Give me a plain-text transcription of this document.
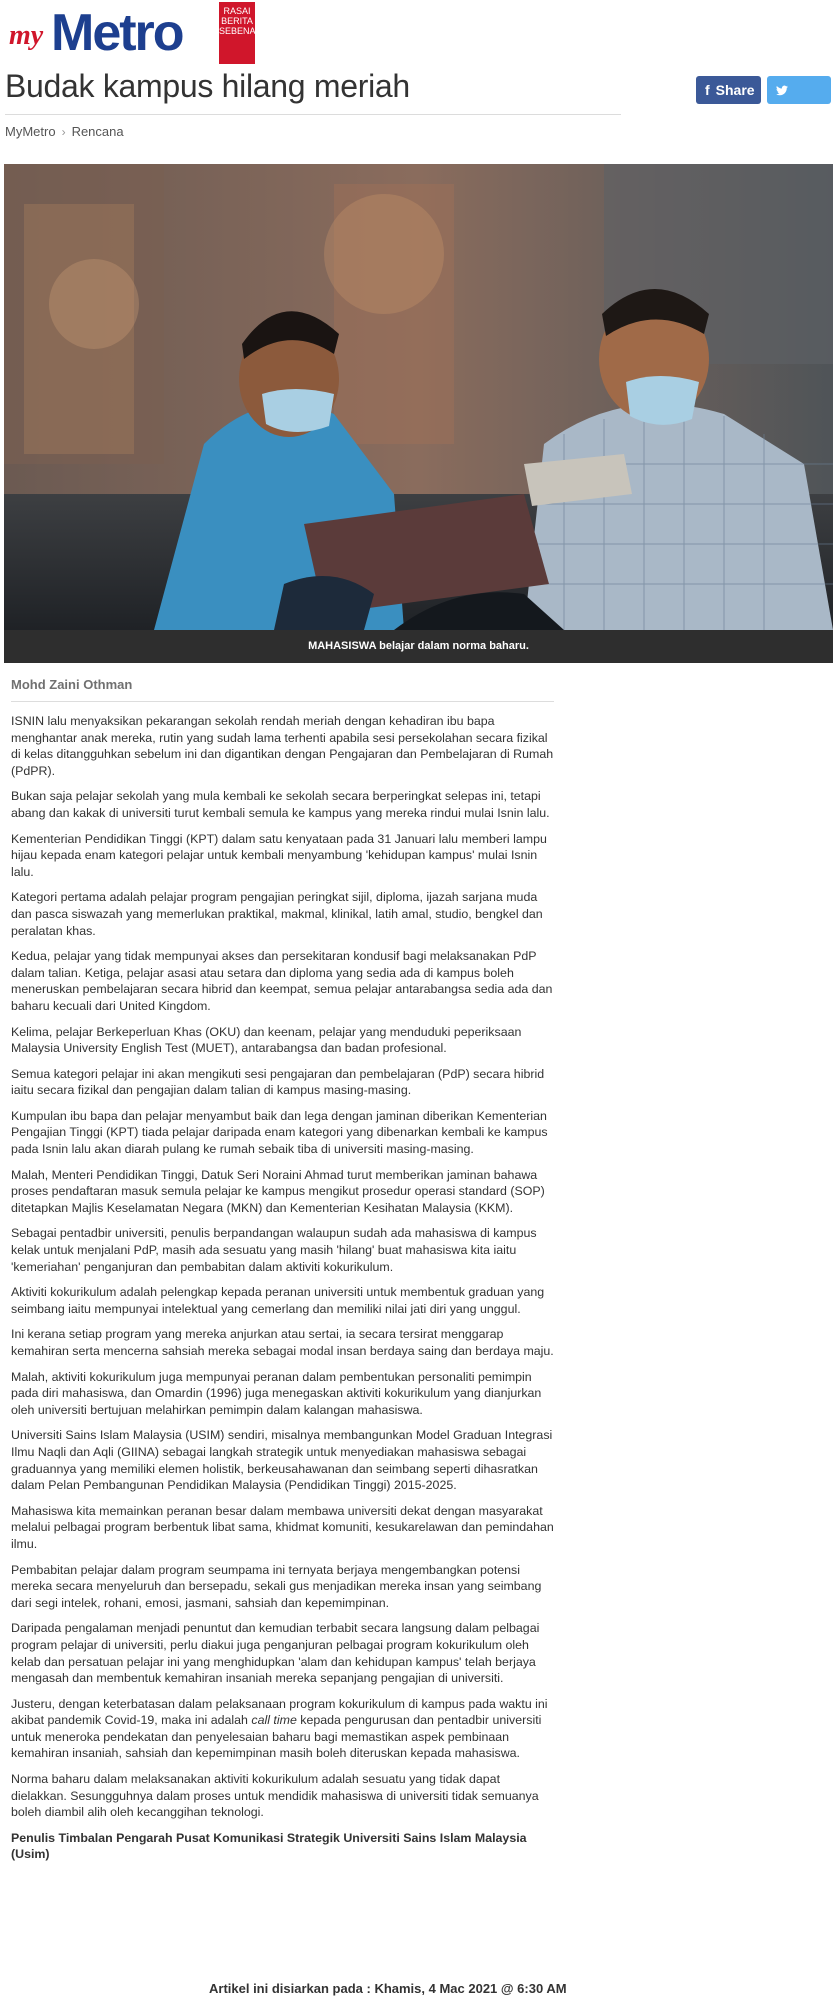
my Metro	RASAI
BERITA
SEBENAR
Budak kampus hilang meriah	f Share
Tweet
MyMetro › Rencana
MAHASISWA belajar dalam norma baharu.
Mohd Zaini Othman

ISNIN lalu menyaksikan pekarangan sekolah rendah meriah dengan kehadiran ibu bapa menghantar anak mereka, rutin yang sudah lama terhenti apabila sesi persekolahan secara fizikal di kelas ditangguhkan sebelum ini dan digantikan dengan Pengajaran dan Pembelajaran di Rumah (PdPR).

Bukan saja pelajar sekolah yang mula kembali ke sekolah secara berperingkat selepas ini, tetapi abang dan kakak di universiti turut kembali semula ke kampus yang mereka rindui mulai Isnin lalu.

Kementerian Pendidikan Tinggi (KPT) dalam satu kenyataan pada 31 Januari lalu memberi lampu hijau kepada enam kategori pelajar untuk kembali menyambung 'kehidupan kampus' mulai Isnin lalu.

Kategori pertama adalah pelajar program pengajian peringkat sijil, diploma, ijazah sarjana muda dan pasca siswazah yang memerlukan praktikal, makmal, klinikal, latih amal, studio, bengkel dan peralatan khas.

Kedua, pelajar yang tidak mempunyai akses dan persekitaran kondusif bagi melaksanakan PdP dalam talian. Ketiga, pelajar asasi atau setara dan diploma yang sedia ada di kampus boleh meneruskan pembelajaran secara hibrid dan keempat, semua pelajar antarabangsa sedia ada dan baharu kecuali dari United Kingdom.

Kelima, pelajar Berkeperluan Khas (OKU) dan keenam, pelajar yang menduduki peperiksaan Malaysia University English Test (MUET), antarabangsa dan badan profesional.

Semua kategori pelajar ini akan mengikuti sesi pengajaran dan pembelajaran (PdP) secara hibrid iaitu secara fizikal dan pengajian dalam talian di kampus masing-masing.

Kumpulan ibu bapa dan pelajar menyambut baik dan lega dengan jaminan diberikan Kementerian Pengajian Tinggi (KPT) tiada pelajar daripada enam kategori yang dibenarkan kembali ke kampus pada Isnin lalu akan diarah pulang ke rumah sebaik tiba di universiti masing-masing.

Malah, Menteri Pendidikan Tinggi, Datuk Seri Noraini Ahmad turut memberikan jaminan bahawa proses pendaftaran masuk semula pelajar ke kampus mengikut prosedur operasi standard (SOP) ditetapkan Majlis Keselamatan Negara (MKN) dan Kementerian Kesihatan Malaysia (KKM).

Sebagai pentadbir universiti, penulis berpandangan walaupun sudah ada mahasiswa di kampus kelak untuk menjalani PdP, masih ada sesuatu yang masih 'hilang' buat mahasiswa kita iaitu 'kemeriahan' penganjuran dan pembabitan dalam aktiviti kokurikulum.

Aktiviti kokurikulum adalah pelengkap kepada peranan universiti untuk membentuk graduan yang seimbang iaitu mempunyai intelektual yang cemerlang dan memiliki nilai jati diri yang unggul.

Ini kerana setiap program yang mereka anjurkan atau sertai, ia secara tersirat menggarap kemahiran serta mencerna sahsiah mereka sebagai modal insan berdaya saing dan berdaya maju.

Malah, aktiviti kokurikulum juga mempunyai peranan dalam pembentukan personaliti pemimpin pada diri mahasiswa, dan Omardin (1996) juga menegaskan aktiviti kokurikulum yang dianjurkan oleh universiti bertujuan melahirkan pemimpin dalam kalangan mahasiswa.

Universiti Sains Islam Malaysia (USIM) sendiri, misalnya membangunkan Model Graduan Integrasi Ilmu Naqli dan Aqli (GIINA) sebagai langkah strategik untuk menyediakan mahasiswa sebagai graduannya yang memiliki elemen holistik, berkeusahawanan dan seimbang seperti dihasratkan dalam Pelan Pembangunan Pendidikan Malaysia (Pendidikan Tinggi) 2015-2025.

Mahasiswa kita memainkan peranan besar dalam membawa universiti dekat dengan masyarakat melalui pelbagai program berbentuk libat sama, khidmat komuniti, kesukarelawan dan pemindahan ilmu.

Pembabitan pelajar dalam program seumpama ini ternyata berjaya mengembangkan potensi mereka secara menyeluruh dan bersepadu, sekali gus menjadikan mereka insan yang seimbang dari segi intelek, rohani, emosi, jasmani, sahsiah dan kepemimpinan.

Daripada pengalaman menjadi penuntut dan kemudian terbabit secara langsung dalam pelbagai program pelajar di universiti, perlu diakui juga penganjuran pelbagai program kokurikulum oleh kelab dan persatuan pelajar ini yang menghidupkan 'alam dan kehidupan kampus' telah berjaya mengasah dan membentuk kemahiran insaniah mereka sepanjang pengajian di universiti.

Justeru, dengan keterbatasan dalam pelaksanaan program kokurikulum di kampus pada waktu ini akibat pandemik Covid-19, maka ini adalah call time kepada pengurusan dan pentadbir universiti untuk meneroka pendekatan dan penyelesaian baharu bagi memastikan aspek pembinaan kemahiran insaniah, sahsiah dan kepemimpinan masih boleh diteruskan kepada mahasiswa.

Norma baharu dalam melaksanakan aktiviti kokurikulum adalah sesuatu yang tidak dapat dielakkan. Sesungguhnya dalam proses untuk mendidik mahasiswa di universiti tidak semuanya boleh diambil alih oleh kecanggihan teknologi.

Penulis Timbalan Pengarah Pusat Komunikasi Strategik Universiti Sains Islam Malaysia (Usim)

Artikel ini disiarkan pada : Khamis, 4 Mac 2021 @ 6:30 AM
